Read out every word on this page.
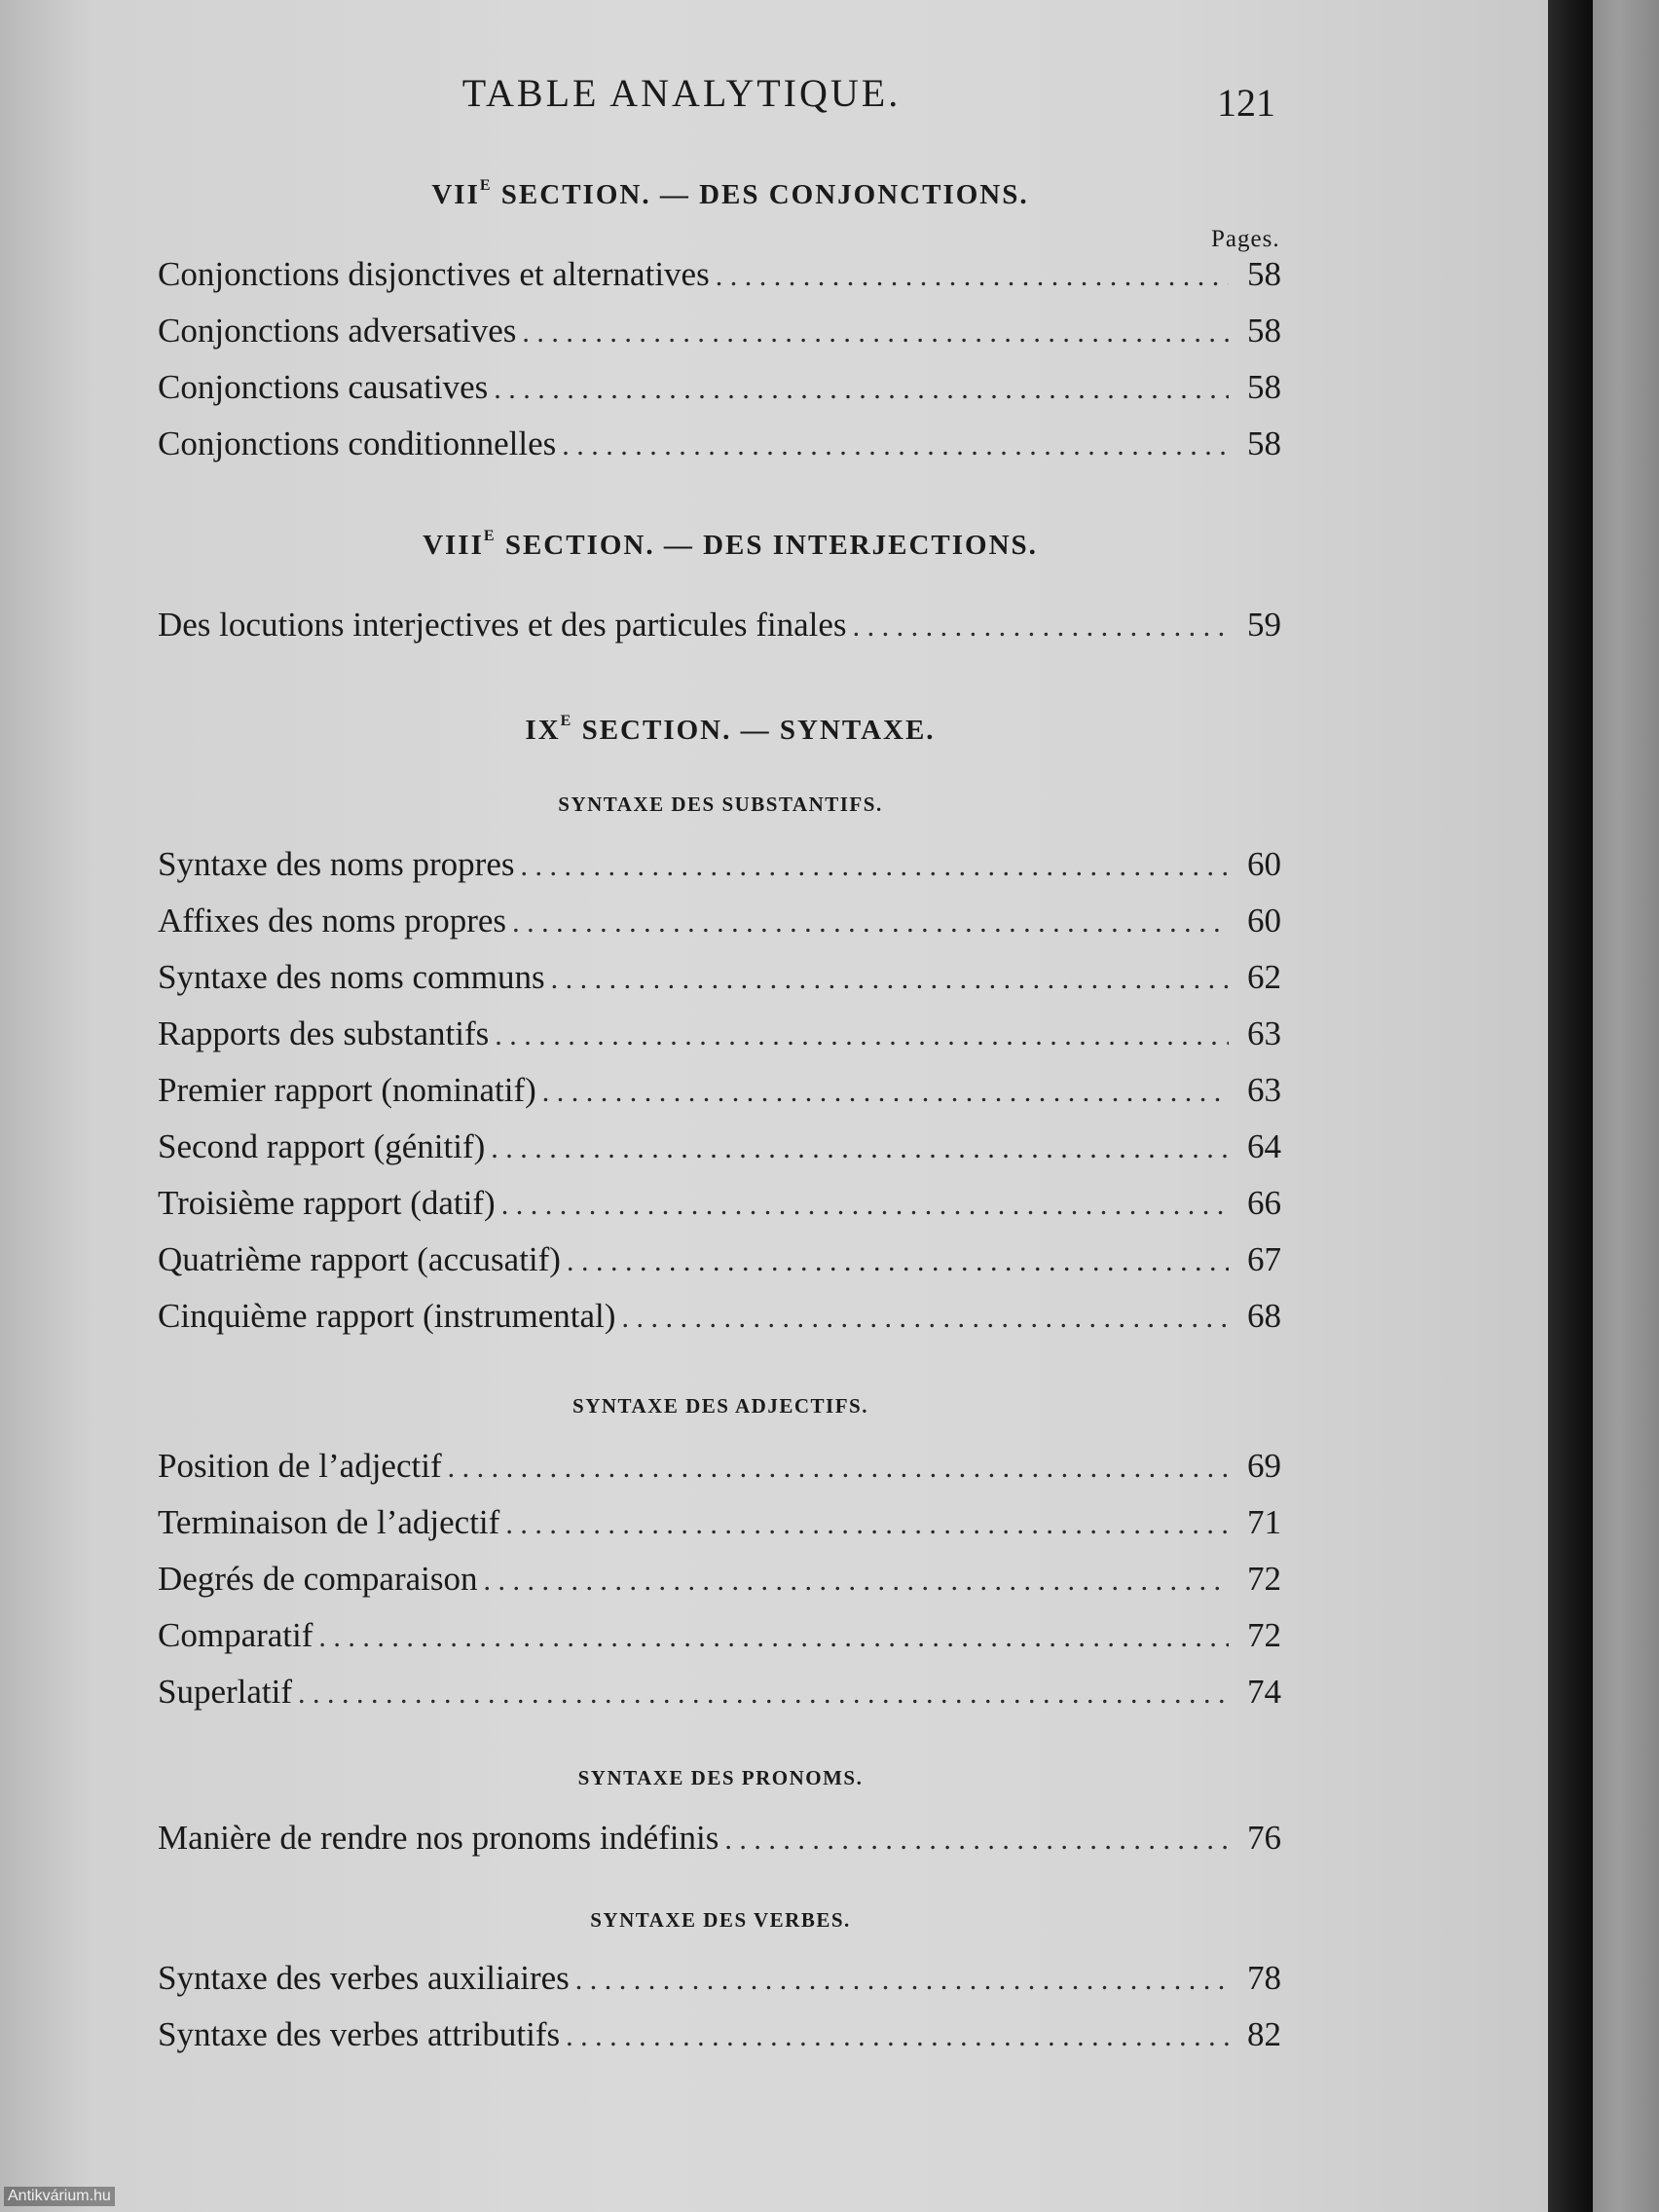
TABLE ANALYTIQUE.	121
$VII^E$ SECTION. — DES CONJONCTIONS.
Pages.
Conjonctions disjonctives et alternatives . . .	58
Conjonctions adversatives . . .	58
Conjonctions causatives . . .	58
Conjonctions conditionnelles . . .	58
$VIII^E$ SECTION. — DES INTERJECTIONS.
Des locutions interjectives et des particules finales . . .	59
$IX^E$ SECTION. — SYNTAXE.
SYNTAXE DES SUBSTANTIFS.
Syntaxe des noms propres . . .	60
Affixes des noms propres . . .	60
Syntaxe des noms communs . . .	62
Rapports des substantifs . . .	63
Premier rapport (nominatif) . . .	63
Second rapport (génitif) . . .	64
Troisième rapport (datif) . . .	66
Quatrième rapport (accusatif) . . .	67
Cinquième rapport (instrumental) . . .	68
SYNTAXE DES ADJECTIFS.
Position de l’adjectif . . .	69
Terminaison de l’adjectif . . .	71
Degrés de comparaison . . .	72
Comparatif . . .	72
Superlatif . . .	74
SYNTAXE DES PRONOMS.
Manière de rendre nos pronoms indéfinis . . .	76
SYNTAXE DES VERBES.
Syntaxe des verbes auxiliaires . . .	78
Syntaxe des verbes attributifs . . .	82
Antikvárium.hu
